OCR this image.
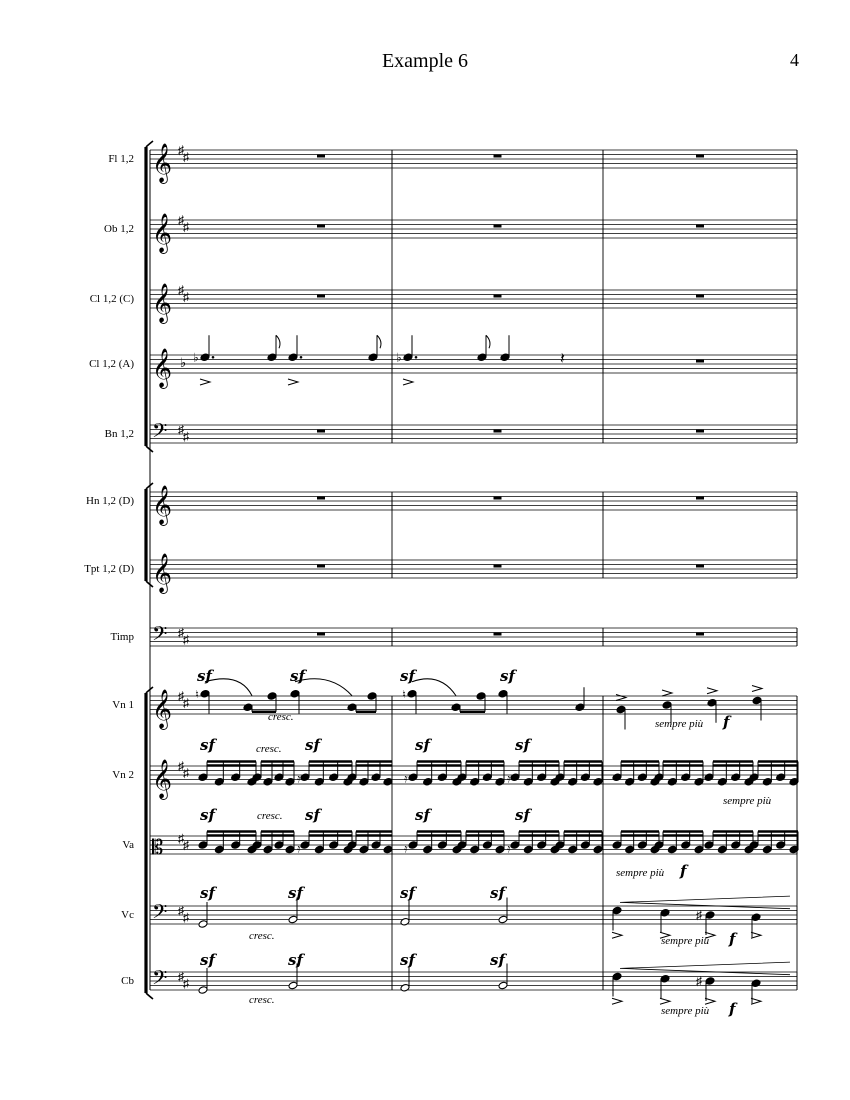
Example 6	4
Fl 1,2 𝄞 ♯ ♯
Ob 1,2 𝄞 ♯ ♯
Cl 1,2 (C) 𝄞 ♯ ♯
Cl 1,2 (A) 𝄞 ♭
Bn 1,2 𝄢 ♯ ♯
Hn 1,2 (D) 𝄞
Tpt 1,2 (D) 𝄞
Timp 𝄢 ♯ ♯
Vn 1 𝄞 ♯ ♯
Vn 2 𝄞 ♯ ♯
Va 𝄡 ♯ ♯
Vc 𝄢 ♯ ♯
Cb 𝄢 ♯ ♯
♭	♭	𝄽
♮	♮
𝄿	𝄿	𝄿
𝄿	𝄿	𝄿
♯
♯
sf	sf	sf	sf
cresc.
sempre più f
sf	sf	sf	sf
cresc.
sempre più
sf	sf	sf	sf
cresc.
sempre più f
sf	sf	sf	sf
cresc.	sempre più f
sf	sf	sf	sf
cresc.
sempre più f
